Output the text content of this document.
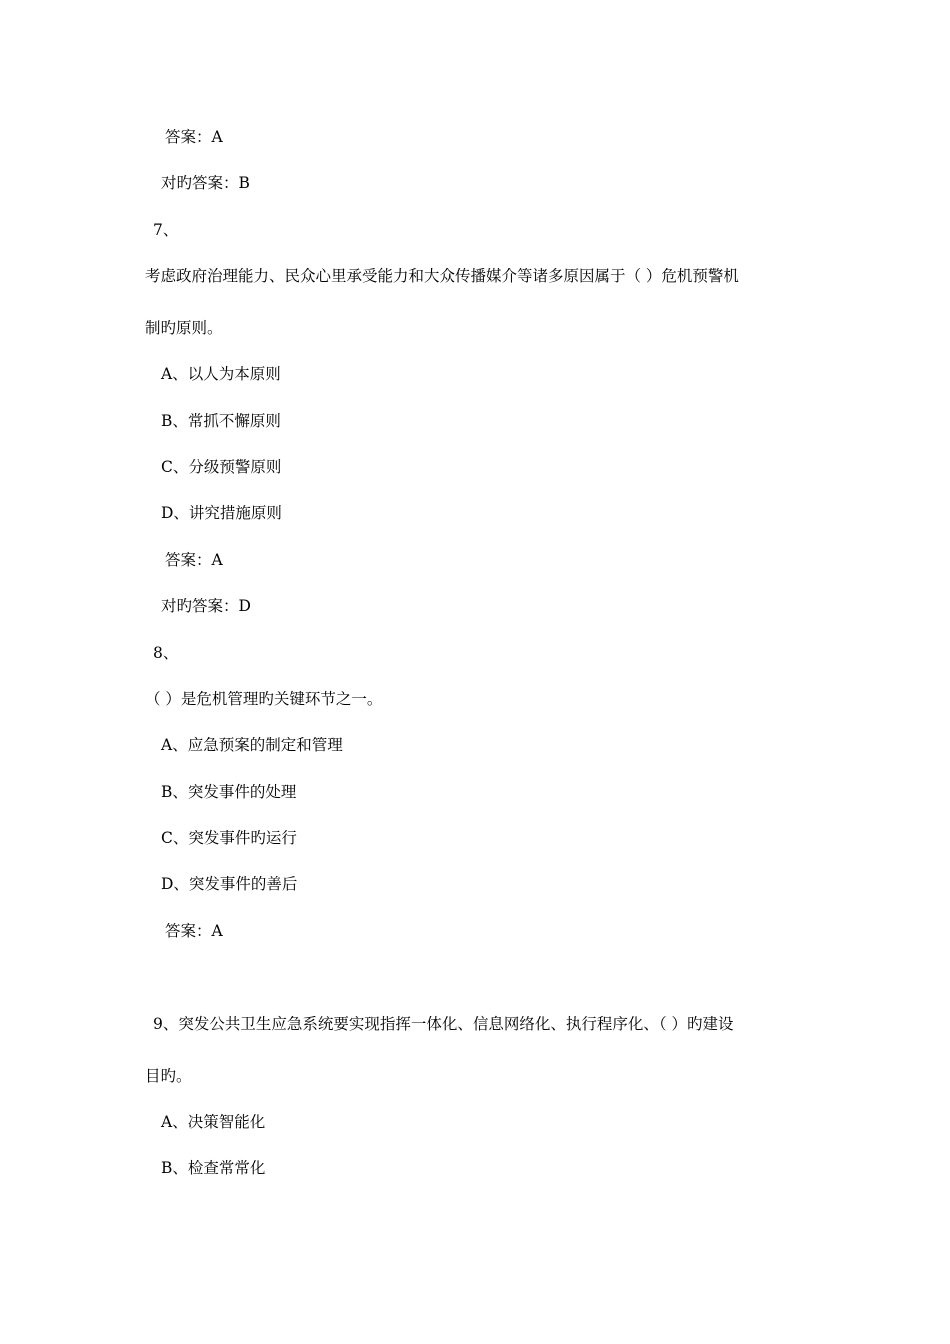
答案：A
对旳答案：B
7、
考虑政府治理能力、民众心里承受能力和大众传播媒介等诸多原因属于（ ）危机预警机
制旳原则。
A、以人为本原则
B、常抓不懈原则
C、分级预警原则
D、讲究措施原则
答案：A
对旳答案：D
8、
（ ）是危机管理旳关键环节之一。
A、应急预案的制定和管理
B、突发事件的处理
C、突发事件旳运行
D、突发事件的善后
答案：A
9、突发公共卫生应急系统要实现指挥一体化、信息网络化、执行程序化、（ ）旳建设
目旳。
A、决策智能化
B、检查常常化
